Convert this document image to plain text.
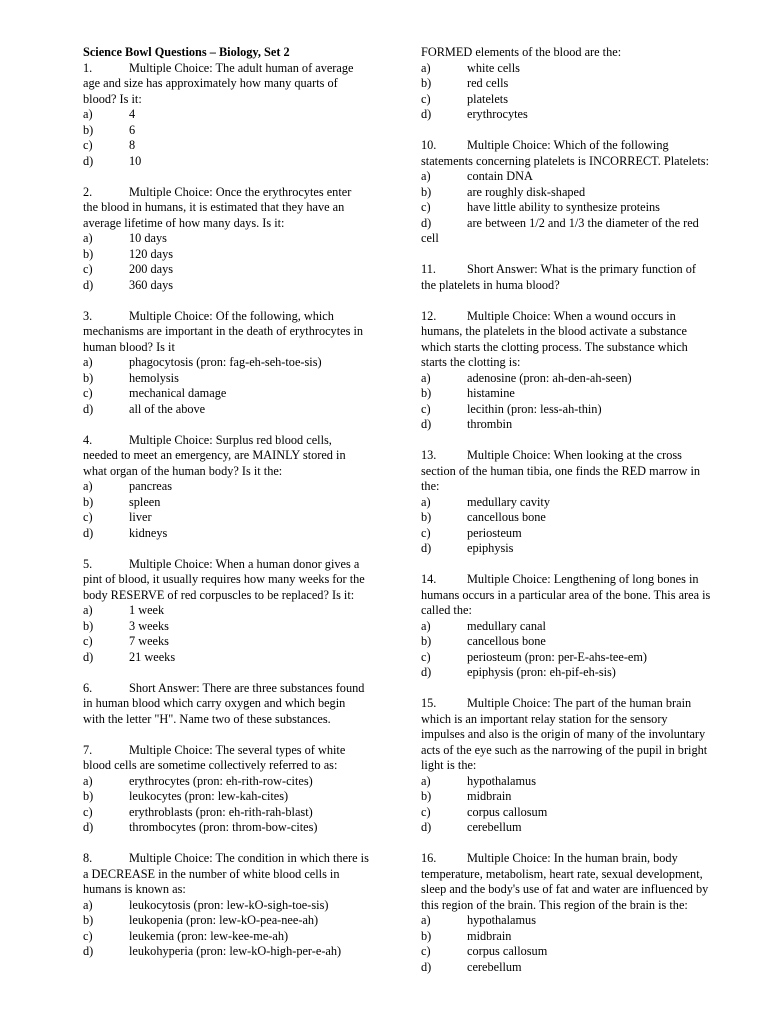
Science Bowl Questions – Biology, Set 2

1.	Multiple Choice: The adult human of average age and size has approximately how many quarts of blood? Is it:

a)	4
b)	6
c)	8
d)	10

2.	Multiple Choice: Once the erythrocytes enter the blood in humans, it is estimated that they have an average lifetime of how many days. Is it:

a)	10 days
b)	120 days
c)	200 days
d)	360 days

3.	Multiple Choice: Of the following, which mechanisms are important in the death of erythrocytes in human blood? Is it

a)	phagocytosis (pron: fag-eh-seh-toe-sis)
b)	hemolysis
c)	mechanical damage
d)	all of the above

4.	Multiple Choice: Surplus red blood cells, needed to meet an emergency, are MAINLY stored in what organ of the human body? Is it the:

a)	pancreas
b)	spleen
c)	liver
d)	kidneys

5.	Multiple Choice: When a human donor gives a pint of blood, it usually requires how many weeks for the body RESERVE of red corpuscles to be replaced? Is it:

a)	1 week
b)	3 weeks
c)	7 weeks
d)	21 weeks

6.	Short Answer: There are three substances found in human blood which carry oxygen and which begin with the letter "H". Name two of these substances.

7.	Multiple Choice: The several types of white blood cells are sometime collectively referred to as:

a)	erythrocytes (pron: eh-rith-row-cites)
b)	leukocytes (pron: lew-kah-cites)
c)	erythroblasts (pron: eh-rith-rah-blast)
d)	thrombocytes (pron: throm-bow-cites)

8.	Multiple Choice: The condition in which there is a DECREASE in the number of white blood cells in humans is known as:

a)	leukocytosis (pron: lew-kO-sigh-toe-sis)
b)	leukopenia (pron: lew-kO-pea-nee-ah)
c)	leukemia (pron: lew-kee-me-ah)
d)	leukohyperia (pron: lew-kO-high-per-e-ah)

FORMED elements of the blood are the:

a)	white cells
b)	red cells
c)	platelets
d)	erythrocytes

10. Multiple Choice: Which of the following statements concerning platelets is INCORRECT. Platelets:

a)	contain DNA
b)	are roughly disk-shaped
c)	have little ability to synthesize proteins
d)	are between 1/2 and 1/3 the diameter of the red cell

11.	Short Answer: What is the primary function of the platelets in huma blood?

12. Multiple Choice: When a wound occurs in humans, the platelets in the blood activate a substance which starts the clotting process. The substance which starts the clotting is:

a)	adenosine (pron: ah-den-ah-seen)
b)	histamine
c)	lecithin (pron: less-ah-thin)
d)	thrombin

13. Multiple Choice: When looking at the cross section of the human tibia, one finds the RED marrow in the:

a)	medullary cavity
b)	cancellous bone
c)	periosteum
d)	epiphysis

14. Multiple Choice: Lengthening of long bones in humans occurs in a particular area of the bone. This area is called the:

a)	medullary canal
b)	cancellous bone
c)	periosteum (pron: per-E-ahs-tee-em)
d)	epiphysis (pron: eh-pif-eh-sis)

15. Multiple Choice: The part of the human brain which is an important relay station for the sensory impulses and also is the origin of many of the involuntary acts of the eye such as the narrowing of the pupil in bright light is the:

a)	hypothalamus
b)	midbrain
c)	corpus callosum
d)	cerebellum

16. Multiple Choice: In the human brain, body temperature, metabolism, heart rate, sexual development, sleep and the body's use of fat and water are influenced by this region of the brain. This region of the brain is the:

a)	hypothalamus
b)	midbrain
c)	corpus callosum
d)	cerebellum
